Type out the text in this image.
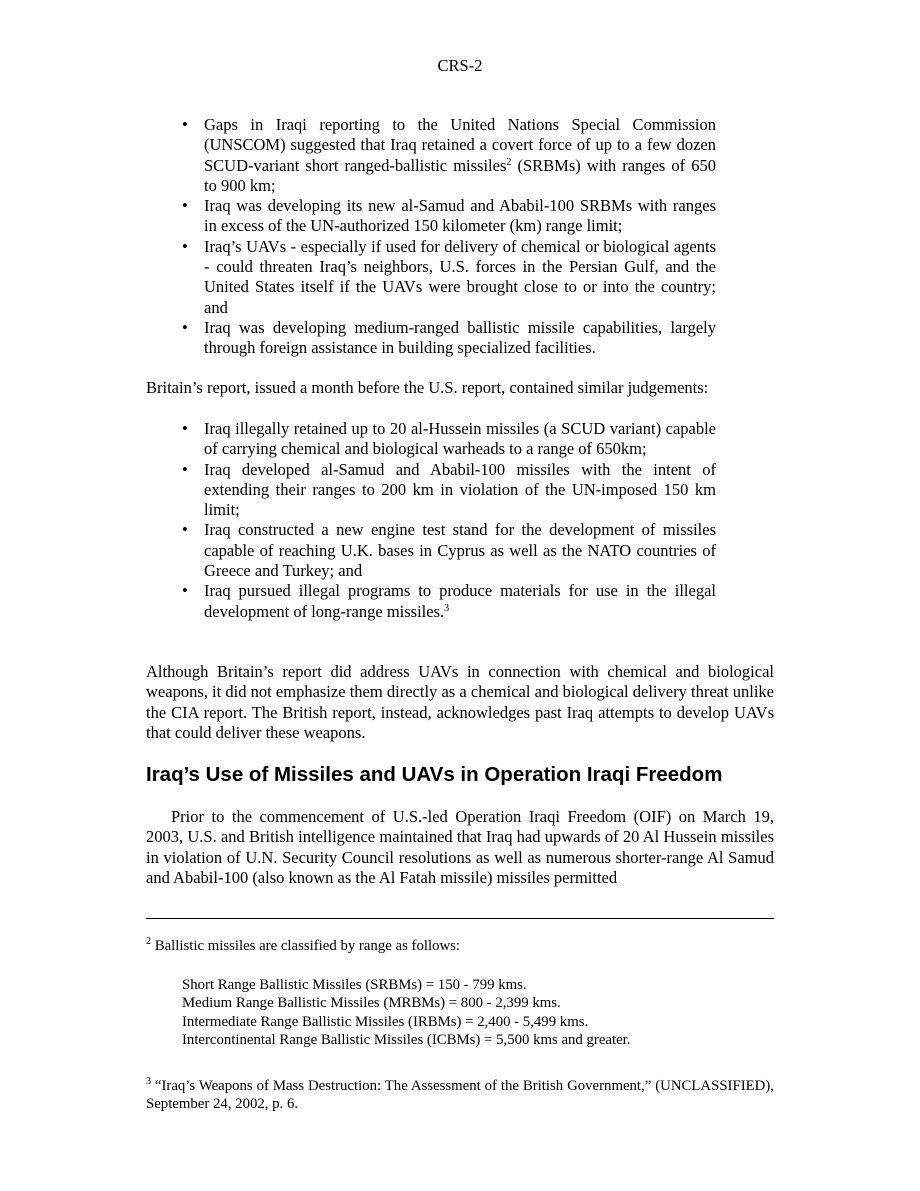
CRS-2
• Gaps in Iraqi reporting to the United Nations Special Commission (UNSCOM) suggested that Iraq retained a covert force of up to a few dozen SCUD-variant short ranged-ballistic missiles$^2$ (SRBMs) with ranges of 650 to 900 km;
• Iraq was developing its new al-Samud and Ababil-100 SRBMs with ranges in excess of the UN-authorized 150 kilometer (km) range limit;
• Iraq’s UAVs - especially if used for delivery of chemical or biological agents - could threaten Iraq’s neighbors, U.S. forces in the Persian Gulf, and the United States itself if the UAVs were brought close to or into the country; and
• Iraq was developing medium-ranged ballistic missile capabilities, largely through foreign assistance in building specialized facilities.

Britain’s report, issued a month before the U.S. report, contained similar judgements:

• Iraq illegally retained up to 20 al-Hussein missiles (a SCUD variant) capable of carrying chemical and biological warheads to a range of 650km;
• Iraq developed al-Samud and Ababil-100 missiles with the intent of extending their ranges to 200 km in violation of the UN-imposed 150 km limit;
• Iraq constructed a new engine test stand for the development of missiles capable of reaching U.K. bases in Cyprus as well as the NATO countries of Greece and Turkey; and
• Iraq pursued illegal programs to produce materials for use in the illegal development of long-range missiles.$^3$

Although Britain’s report did address UAVs in connection with chemical and biological weapons, it did not emphasize them directly as a chemical and biological delivery threat unlike the CIA report. The British report, instead, acknowledges past Iraq attempts to develop UAVs that could deliver these weapons.

Iraq’s Use of Missiles and UAVs in Operation Iraqi Freedom

Prior to the commencement of U.S.-led Operation Iraqi Freedom (OIF) on March 19, 2003, U.S. and British intelligence maintained that Iraq had upwards of 20 Al Hussein missiles in violation of U.N. Security Council resolutions as well as numerous shorter-range Al Samud and Ababil-100 (also known as the Al Fatah missile) missiles permitted

$^2$ Ballistic missiles are classified by range as follows:

Short Range Ballistic Missiles (SRBMs) = 150 - 799 kms.
Medium Range Ballistic Missiles (MRBMs) = 800 - 2,399 kms.
Intermediate Range Ballistic Missiles (IRBMs) = 2,400 - 5,499 kms.
Intercontinental Range Ballistic Missiles (ICBMs) = 5,500 kms and greater.

$^3$ “Iraq’s Weapons of Mass Destruction: The Assessment of the British Government,” (UNCLASSIFIED), September 24, 2002, p. 6.
